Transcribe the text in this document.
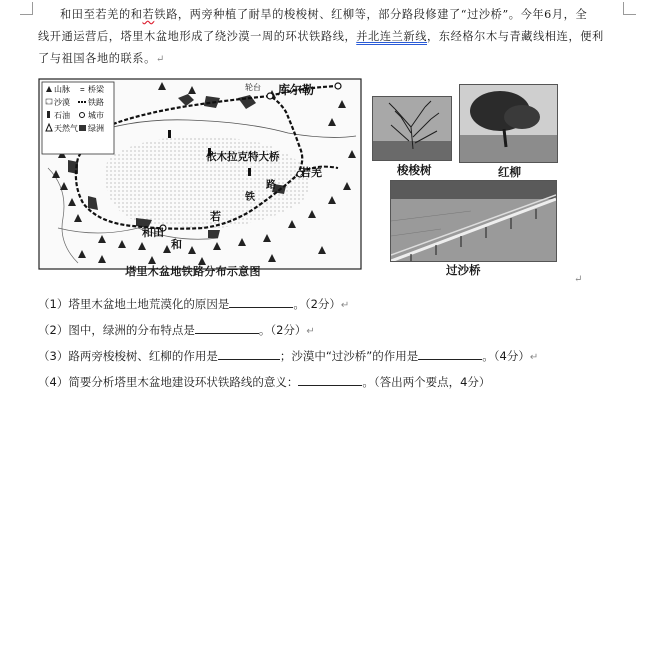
和田至若羌的和若铁路，两旁种植了耐旱的梭梭树、红柳等，部分路段修建了“过沙桥”。今年6月，全

线开通运营后，塔里木盆地形成了绕沙漠一周的环状铁路线，并北连兰新线，东经格尔木与青藏线相连，便利

了与祖国各地的联系。↵

山脉 = 桥梁
沙漠 铁路
石油 城市
天然气 绿洲
库尔勒
轮台
依木拉克特大桥
若羌
和田
和
若
铁
路
塔里木盆地铁路分布示意图
梭梭树	红柳
过沙桥
↵
（1）塔里木盆地土地荒漠化的原因是	。（2分）↵
（2）图中，绿洲的分布特点是	。（2分）↵
（3）路两旁梭梭树、红柳的作用是	；沙漠中“过沙桥”的作用是	。（4分）↵
（4）简要分析塔里木盆地建设环状铁路线的意义：	。（答出两个要点，4分）
